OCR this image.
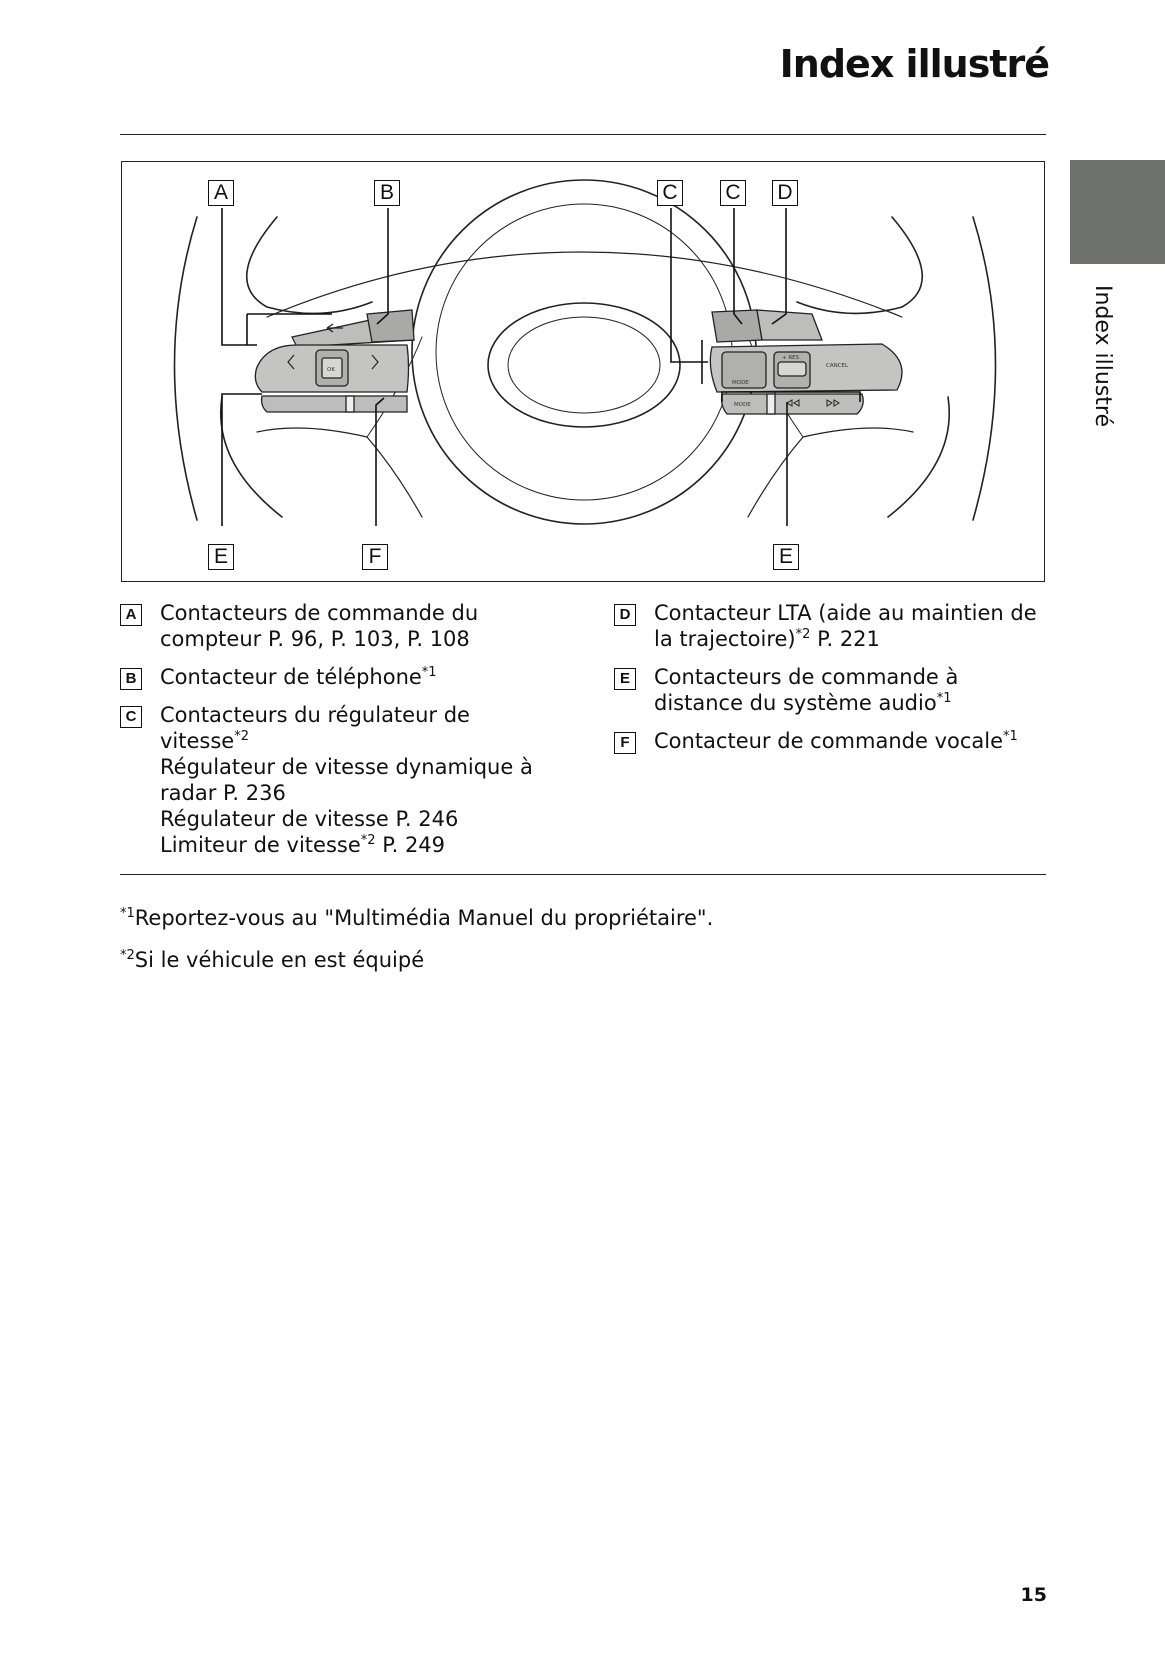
Index illustré
Index illustré
OK
MODE
+ RES
CANCEL
MODE
A	B	C C D
E	F	E
A Contacteurs de commande du compteur P. 96, P. 103, P. 108
B Contacteur de téléphone$^{*1}$
C Contacteurs du régulateur de vitesse$^{*2}$
Régulateur de vitesse dynamique à radar P. 236
Régulateur de vitesse P. 246
Limiteur de vitesse$^{*2}$ P. 249
D Contacteur LTA (aide au maintien de la trajectoire)$^{*2}$ P. 221
E Contacteurs de commande à distance du système audio$^{*1}$
F	Contacteur de commande vocale$^{*1}$
$^{*1}$Reportez-vous au "Multimédia Manuel du propriétaire".
$^{*2}$Si le véhicule en est équipé
15
